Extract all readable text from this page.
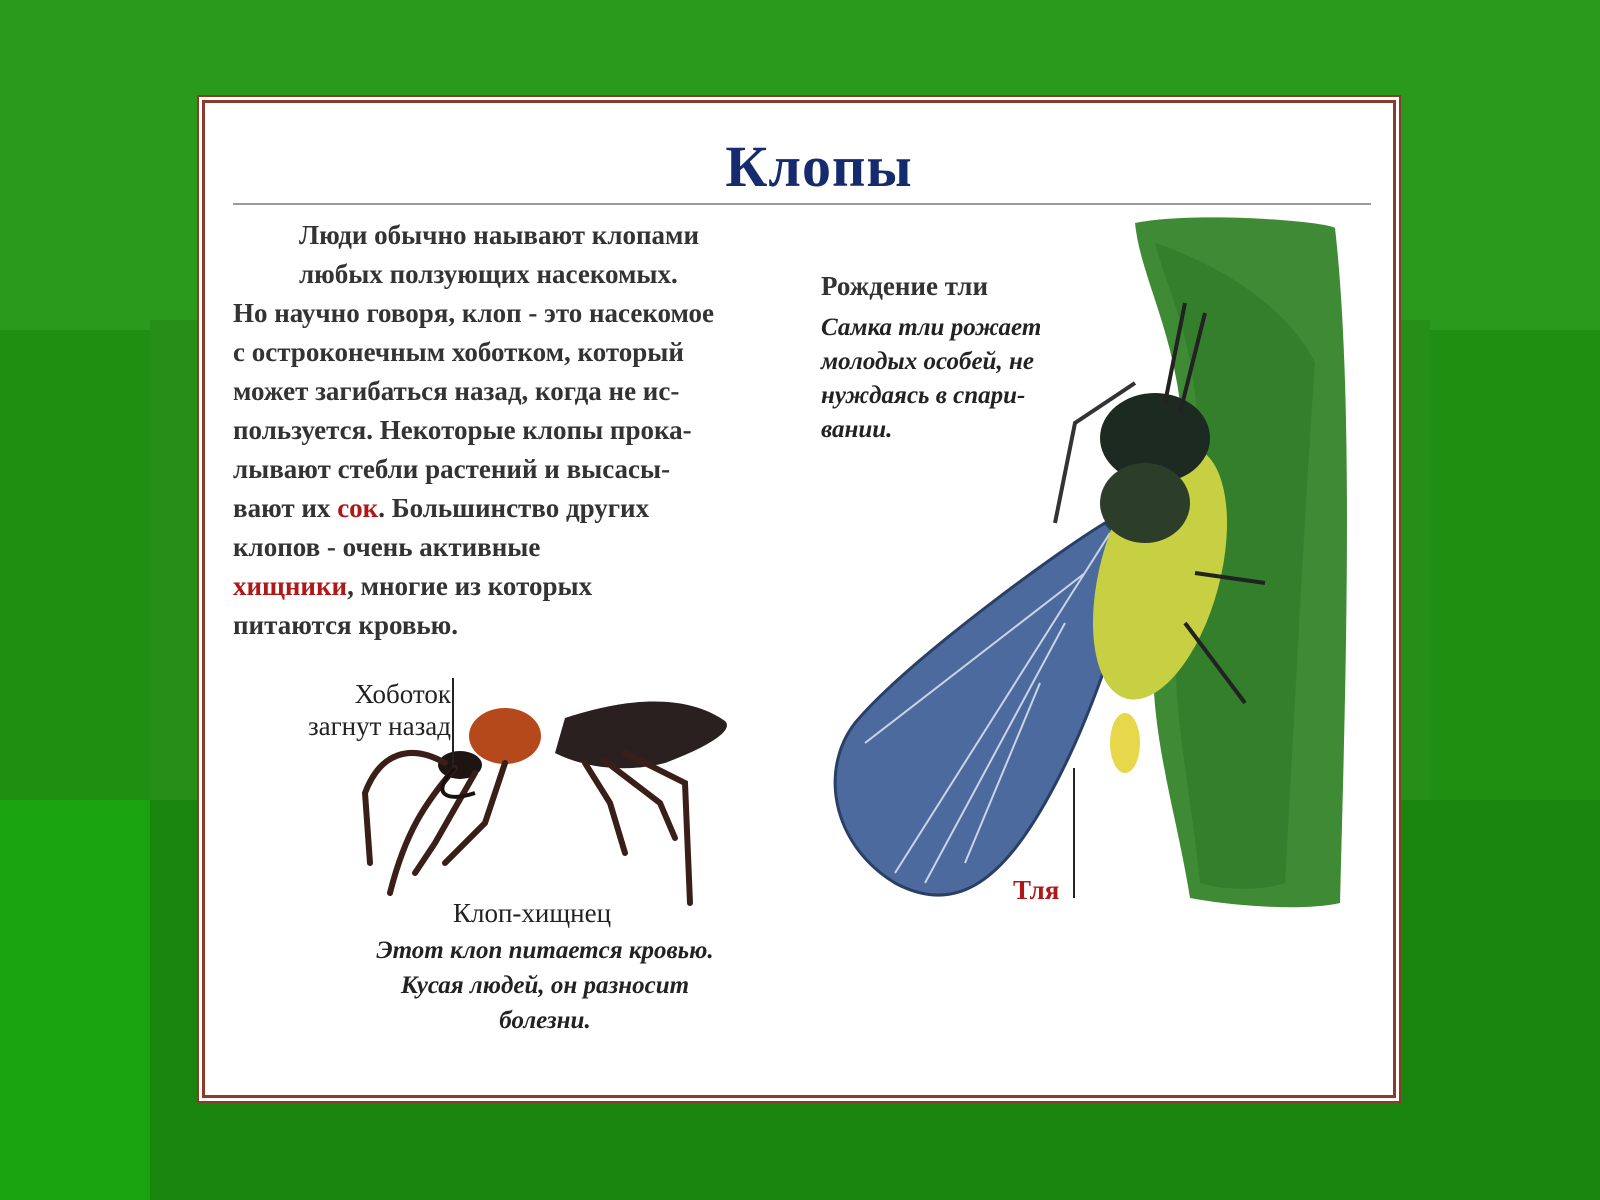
Клопы
Люди обычно нaывают клопами
любых ползующих насекомых.
Но научно говоря, клоп - это насекомое
с остроконечным хоботком, который
может загибаться назад, когда не ис-
пользуется. Некоторые клопы прока-
лывают стебли растений и высасы-
вают их сок. Большинство других
клопов - очень активные
хищники, многие из которых
питаются кровью.
Рождение тли
Самка тли рожает
молодых особей, не
нуждаясь в спари-
вании.
Хоботок
загнут назад
Клоп-хищнец
Этот клоп питается кровью.
Кусая людей, он разносит
болезни.
Тля
